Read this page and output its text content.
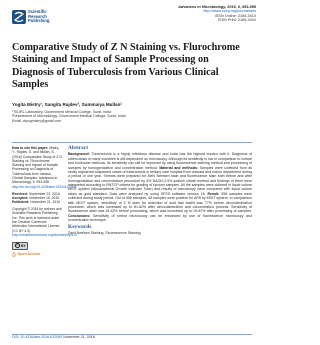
Scientific
Research
Publishing
Advances in Microbiology, 2016, 6, 953-958
http://www.scirp.org/journal/aim
ISSN Online: 2165-3410
ISSN Print: 2165-3402
Comparative Study of Z N Staining vs. Flurochrome Staining and Impact of Sample Processing on Diagnosis of Tuberculosis from Various Clinical Samples
Yogita Mistry¹, Sangita Rajdev², Summaiya Mullan²
¹TB-IRL Laboratory, Government Medical College, Surat, India
²Department of Microbiology, Government Medical College, Surat, India
Email: drysgmistry@gmail.com
How to cite this paper: Mistry, Y., Rajdev, S. and Mullan, S. (2016) Comparative Study of Z N Staining vs. Flurochrome Staining and Impact of Sample Processing on Diagnosis of Tuberculosis from Various Clinical Samples. Advances in Microbiology, 6, 953-958.
http://dx.doi.org/10.4236/aim.2016.612089
Received: September 23, 2016
Accepted: November 15, 2016
Published: November 21, 2016
Copyright © 2016 by authors and Scientific Research Publishing Inc. This work is licensed under the Creative Commons Attribution International License (CC BY 4.0).
http://creativecommons.org/licenses/by/4.0/
cc BY
Open Access
Abstract
Background: Tuberculosis is a highly infectious disease and India has the highest burden with it. Diagnosis of tuberculosis in many countries is still dependent on microscopy. Although its sensitivity is low in comparison to culture and molecular methods, its sensitivity can still be improved by using fluorescence staining method and processing of samples by homogenization and concentration method. Material and methods: Samples were collected from all newly registered suspected cases of tuberculosis in tertiary care hospital from outward and indoor department during a period of one year. Smears were prepared for Ziehl Neelsen stain and fluorescence stain both before and after homogenization and concentration procedure by 4% NAOH-2.9% sodium citrate method and findings of them were interpreted according to RNTCP criteria for grading of sputum samples. All the samples were cultured in liquid culture MGIT system (Mycobacterial Growth Indicator Tube) and results of microscopy were compared with liquid culture taken as gold standard. Data were analysed by using SPSS software version 16. Result: 556 samples were collected during study period. Out of 556 samples, 48 samples were positive for AFB by MGIT system. In comparison with MGIT system, sensitivity of Z N stain for detection of acid fast bacilli was 77% before decontamination procedure, which was increased up to 81.62% after decontamination and concentration process. Sensitivity of fluorescence stain was 81.62% before processing, which was increased up to 93.87% after processing of samples. Conclusions: Sensitivity of smear microscopy can be enhanced by use of fluorescence microscopy and concentration technique.
Keywords
Ziehl Neelsen Staining, Fluorescence Staining
DOI: 10.4236/aim.2016.612089 November 21, 2016
